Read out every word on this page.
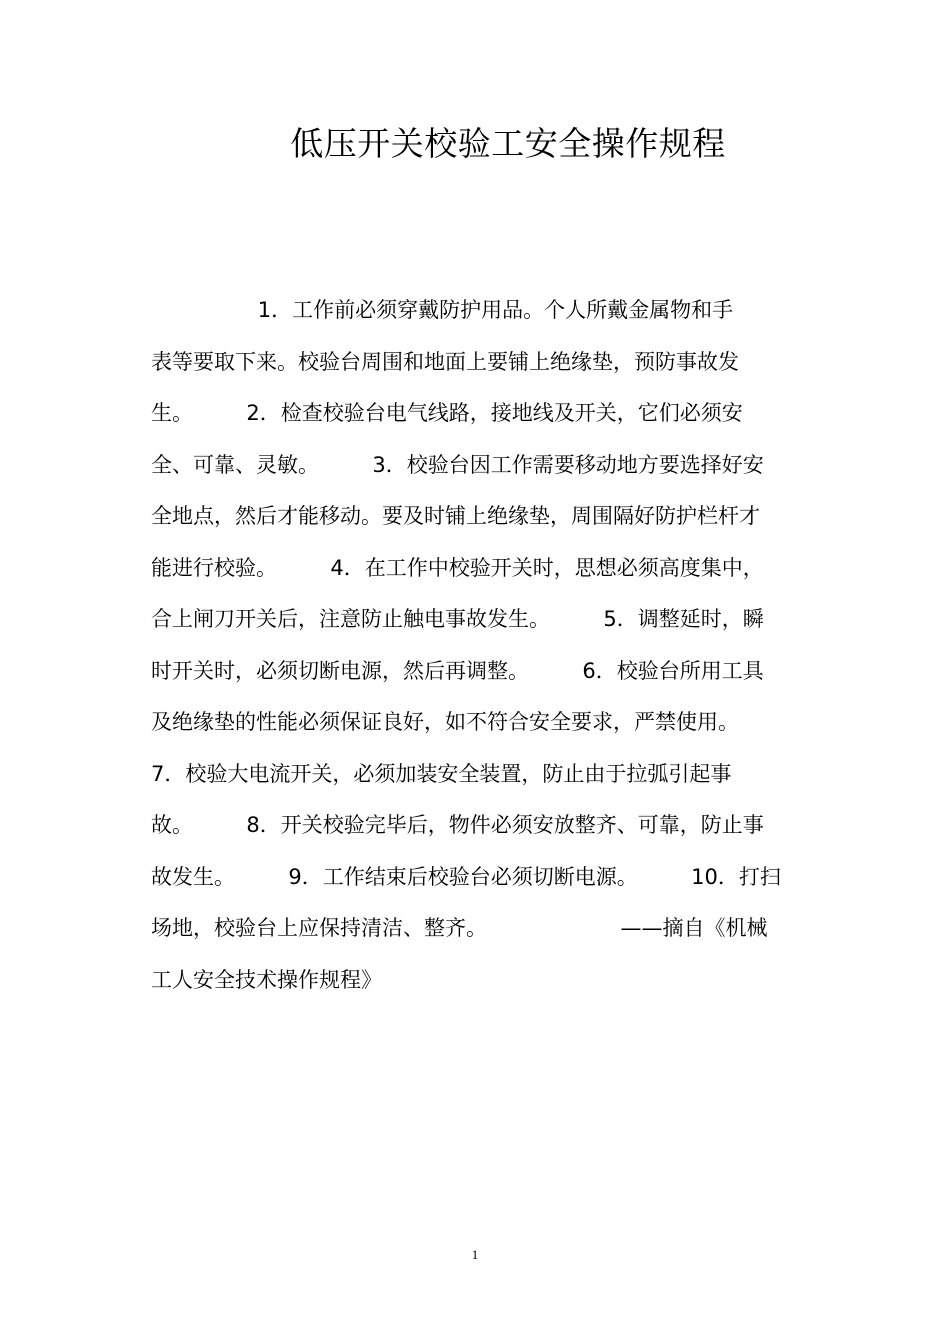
低压开关校验工安全操作规程
1．工作前必须穿戴防护用品。个人所戴金属物和手
表等要取下来。校验台周围和地面上要铺上绝缘垫，预防事故发
生。        2．检查校验台电气线路，接地线及开关，它们必须安
全、可靠、灵敏。        3．校验台因工作需要移动地方要选择好安
全地点，然后才能移动。要及时铺上绝缘垫，周围隔好防护栏杆才
能进行校验。        4．在工作中校验开关时，思想必须高度集中，
合上闸刀开关后，注意防止触电事故发生。        5．调整延时，瞬
时开关时，必须切断电源，然后再调整。        6．校验台所用工具
及绝缘垫的性能必须保证良好，如不符合安全要求，严禁使用。
7．校验大电流开关，必须加装安全装置，防止由于拉弧引起事
故。        8．开关校验完毕后，物件必须安放整齐、可靠，防止事
故发生。        9．工作结束后校验台必须切断电源。        10．打扫
场地，校验台上应保持清洁、整齐。                    ——摘自《机械
工人安全技术操作规程》
1
